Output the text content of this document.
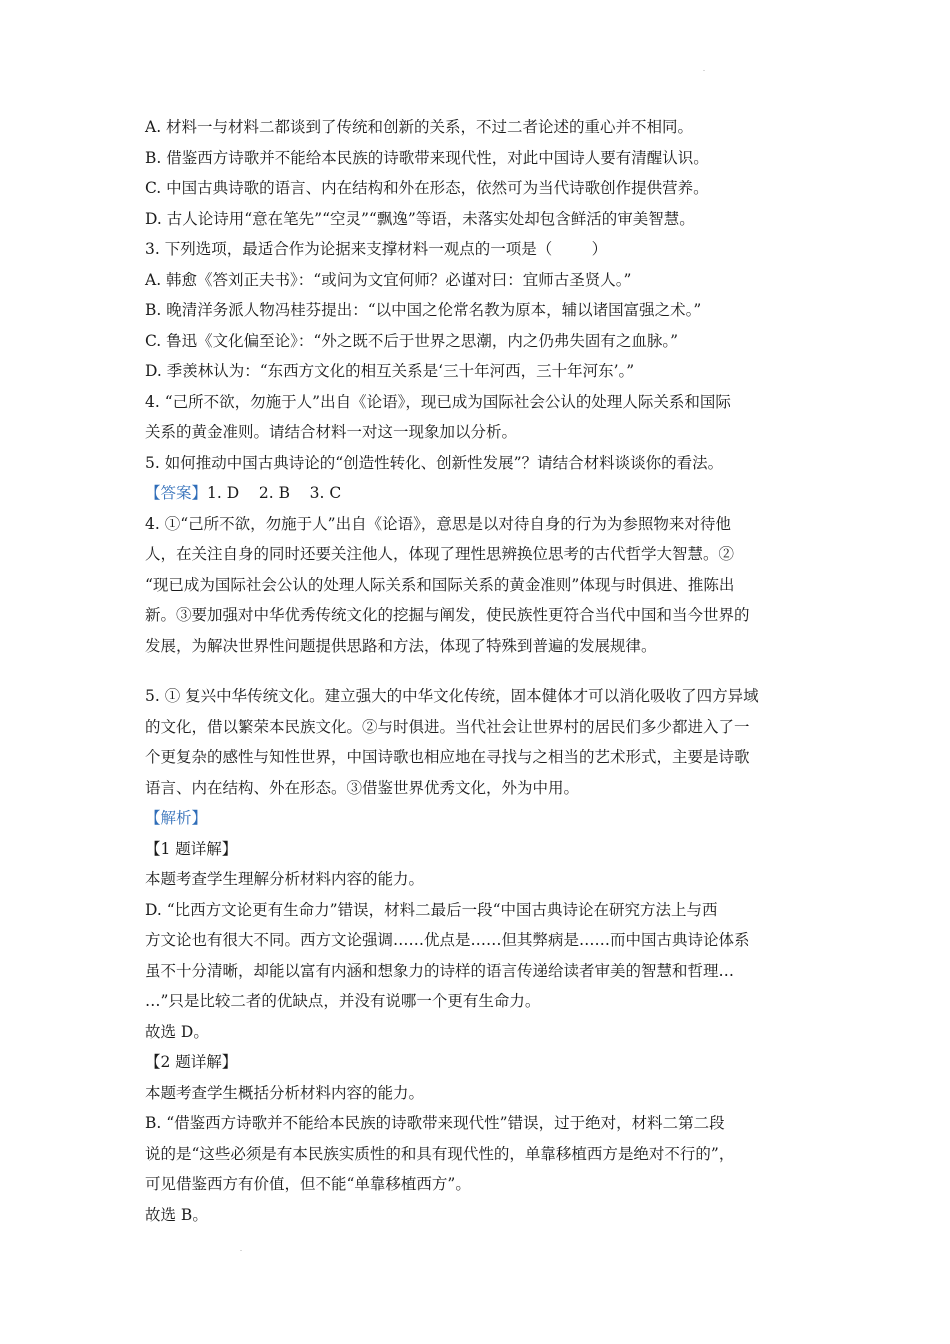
A. 材料一与材料二都谈到了传统和创新的关系，不过二者论述的重心并不相同。

B. 借鉴西方诗歌并不能给本民族的诗歌带来现代性，对此中国诗人要有清醒认识。

C. 中国古典诗歌的语言、内在结构和外在形态，依然可为当代诗歌创作提供营养。

D. 古人论诗用“意在笔先”“空灵”“飘逸”等语，未落实处却包含鲜活的审美智慧。

3. 下列选项，最适合作为论据来支撑材料一观点的一项是（        ）

A. 韩愈《答刘正夫书》：“或问为文宜何师？必谨对曰：宜师古圣贤人。”

B. 晚清洋务派人物冯桂芬提出：“以中国之伦常名教为原本，辅以诸国富强之术。”

C. 鲁迅《文化偏至论》：“外之既不后于世界之思潮，内之仍弗失固有之血脉。”

D. 季羡林认为：“东西方文化的相互关系是‘三十年河西，三十年河东’。”

4. “己所不欲，勿施于人”出自《论语》，现已成为国际社会公认的处理人际关系和国际

关系的黄金准则。请结合材料一对这一现象加以分析。

5. 如何推动中国古典诗论的“创造性转化、创新性发展”？请结合材料谈谈你的看法。

【答案】1. D    2. B    3. C

4. ①“己所不欲，勿施于人”出自《论语》，意思是以对待自身的行为为参照物来对待他

人，在关注自身的同时还要关注他人，体现了理性思辨换位思考的古代哲学大智慧。②

“现已成为国际社会公认的处理人际关系和国际关系的黄金准则”体现与时俱进、推陈出

新。③要加强对中华优秀传统文化的挖掘与阐发，使民族性更符合当代中国和当今世界的

发展，为解决世界性问题提供思路和方法，体现了特殊到普遍的发展规律。

5. ① 复兴中华传统文化。建立强大的中华文化传统，固本健体才可以消化吸收了四方异域

的文化，借以繁荣本民族文化。②与时俱进。当代社会让世界村的居民们多少都进入了一

个更复杂的感性与知性世界，中国诗歌也相应地在寻找与之相当的艺术形式，主要是诗歌

语言、内在结构、外在形态。③借鉴世界优秀文化，外为中用。

【解析】

【1 题详解】

本题考查学生理解分析材料内容的能力。

D. “比西方文论更有生命力”错误，材料二最后一段“中国古典诗论在研究方法上与西

方文论也有很大不同。西方文论强调……优点是……但其弊病是……而中国古典诗论体系

虽不十分清晰，却能以富有内涵和想象力的诗样的语言传递给读者审美的智慧和哲理…

…”只是比较二者的优缺点，并没有说哪一个更有生命力。

故选 D。

【2 题详解】

本题考查学生概括分析材料内容的能力。

B. “借鉴西方诗歌并不能给本民族的诗歌带来现代性”错误，过于绝对，材料二第二段

说的是“这些必须是有本民族实质性的和具有现代性的，单靠移植西方是绝对不行的”，

可见借鉴西方有价值，但不能“单靠移植西方”。

故选 B。
